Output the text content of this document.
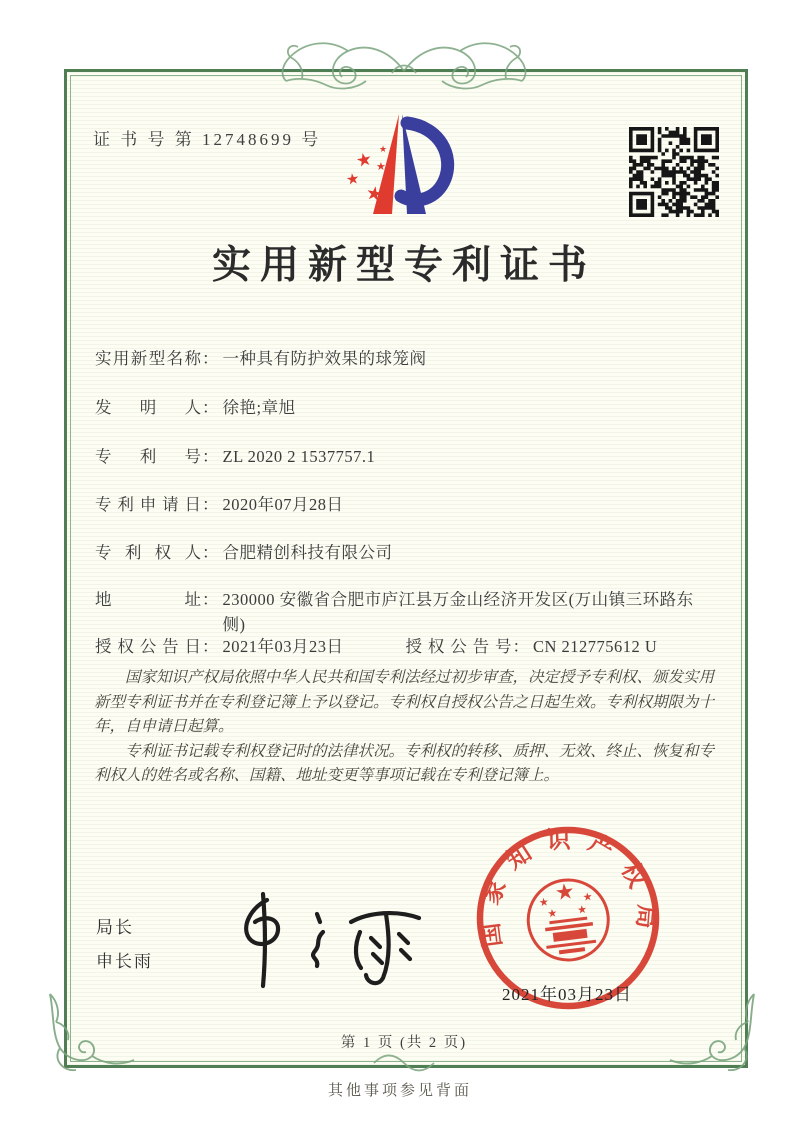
证 书 号 第 12748699 号
★
★
★
★
★
实用新型专利证书
实用新型名称 ： 一种具有防护效果的球笼阀
发明人 ： 徐艳;章旭
专利号 ： ZL 2020 2 1537757.1
专利申请日 ： 2020年07月28日
专利权人 ： 合肥精创科技有限公司
地址 ： 230000 安徽省合肥市庐江县万金山经济开发区(万山镇三环路东侧)
授权公告日 ： 2021年03月23日	授权公告号 ： CN 212775612 U

国家知识产权局依照中华人民共和国专利法经过初步审查，决定授予专利权、颁发实用新型专利证书并在专利登记簿上予以登记。专利权自授权公告之日起生效。专利权期限为十年，自申请日起算。

专利证书记载专利权登记时的法律状况。专利权的转移、质押、无效、终止、恢复和专利权人的姓名或名称、国籍、地址变更等事项记载在专利登记簿上。

局长
申长雨
国家知识产权局
★
★	★
★ ★
2021年03月23日
第 1 页 (共 2 页)
其他事项参见背面
